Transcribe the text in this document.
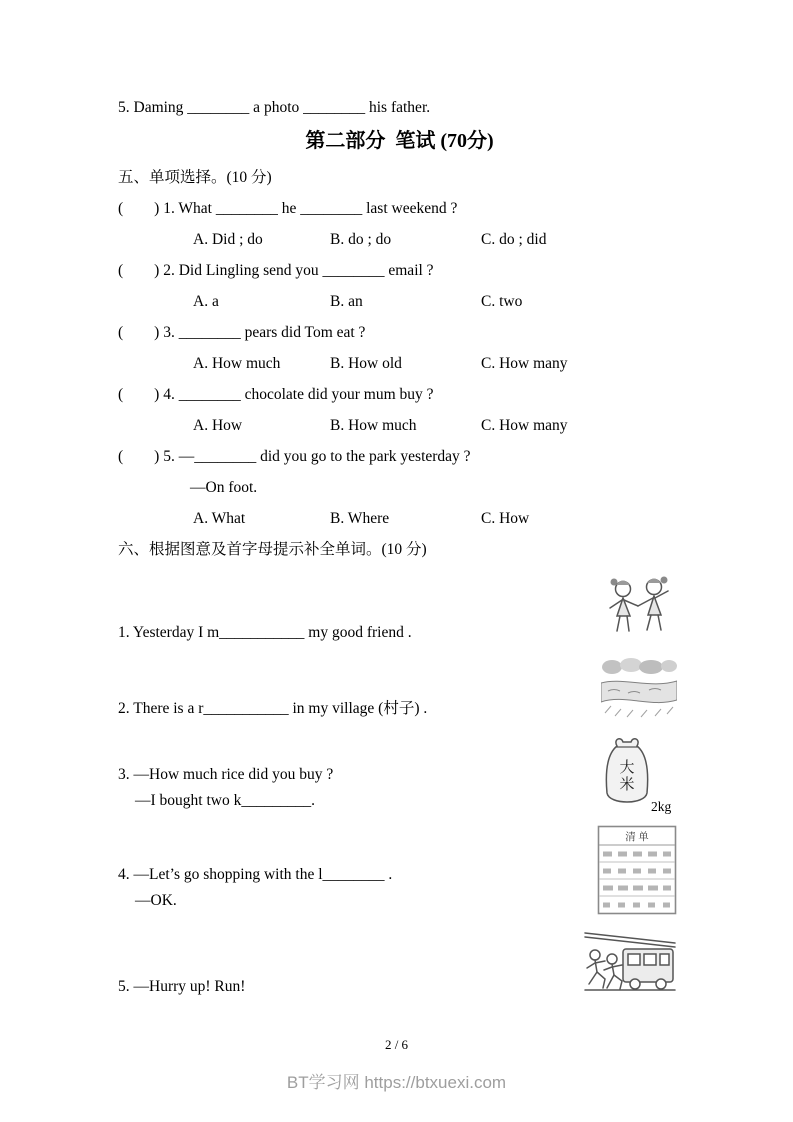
5. Daming ________ a photo ________ his father.
第二部分  笔试 (70分)
五、单项选择。(10 分)
(        ) 1. What ________ he ________ last weekend ?
A. Did ; do	B. do ; do	C. do ; did
(        ) 2. Did Lingling send you ________ email ?
A. a	B. an	C. two
(        ) 3. ________ pears did Tom eat ?
A. How much	B. How old	C. How many
(        ) 4. ________ chocolate did your mum buy ?
A. How	B. How much	C. How many
(        ) 5. —________ did you go to the park yesterday ?
—On foot.
A. What	B. Where	C. How
六、根据图意及首字母提示补全单词。(10 分)
1. Yesterday I m___________ my good friend .
2. There is a r___________ in my village (村子) .
3. —How much rice did you buy ?
—I bought two k_________.
大
米
2kg
4. —Let’s go shopping with the l________ .
—OK.
清 单
5. —Hurry up! Run!
2 / 6
BT学习网 https://btxuexi.com
